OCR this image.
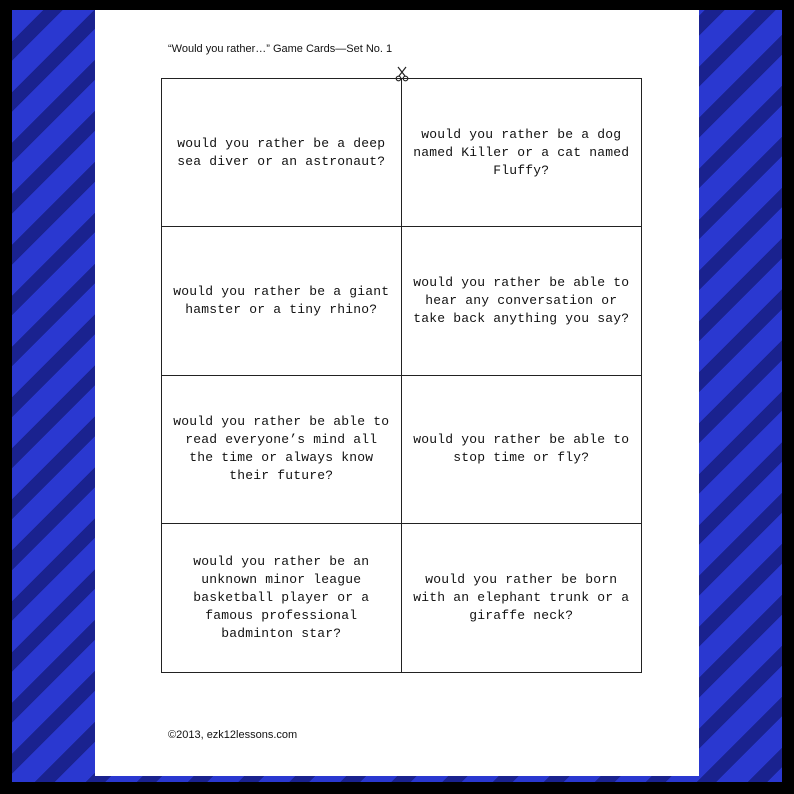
“Would you rather…” Game Cards—Set No. 1
would you rather be a deep sea diver or an astronaut?
would you rather be a dog named Killer or a cat named Fluffy?
would you rather be a giant hamster or a tiny rhino?
would you rather be able to hear any conversation or take back anything you say?
would you rather be able to read everyone’s mind all the time or always know their future?
would you rather be able to stop time or fly?
would you rather be an unknown minor league basketball player or a famous professional badminton star?
would you rather be born with an elephant trunk or a giraffe neck?
©2013, ezk12lessons.com
